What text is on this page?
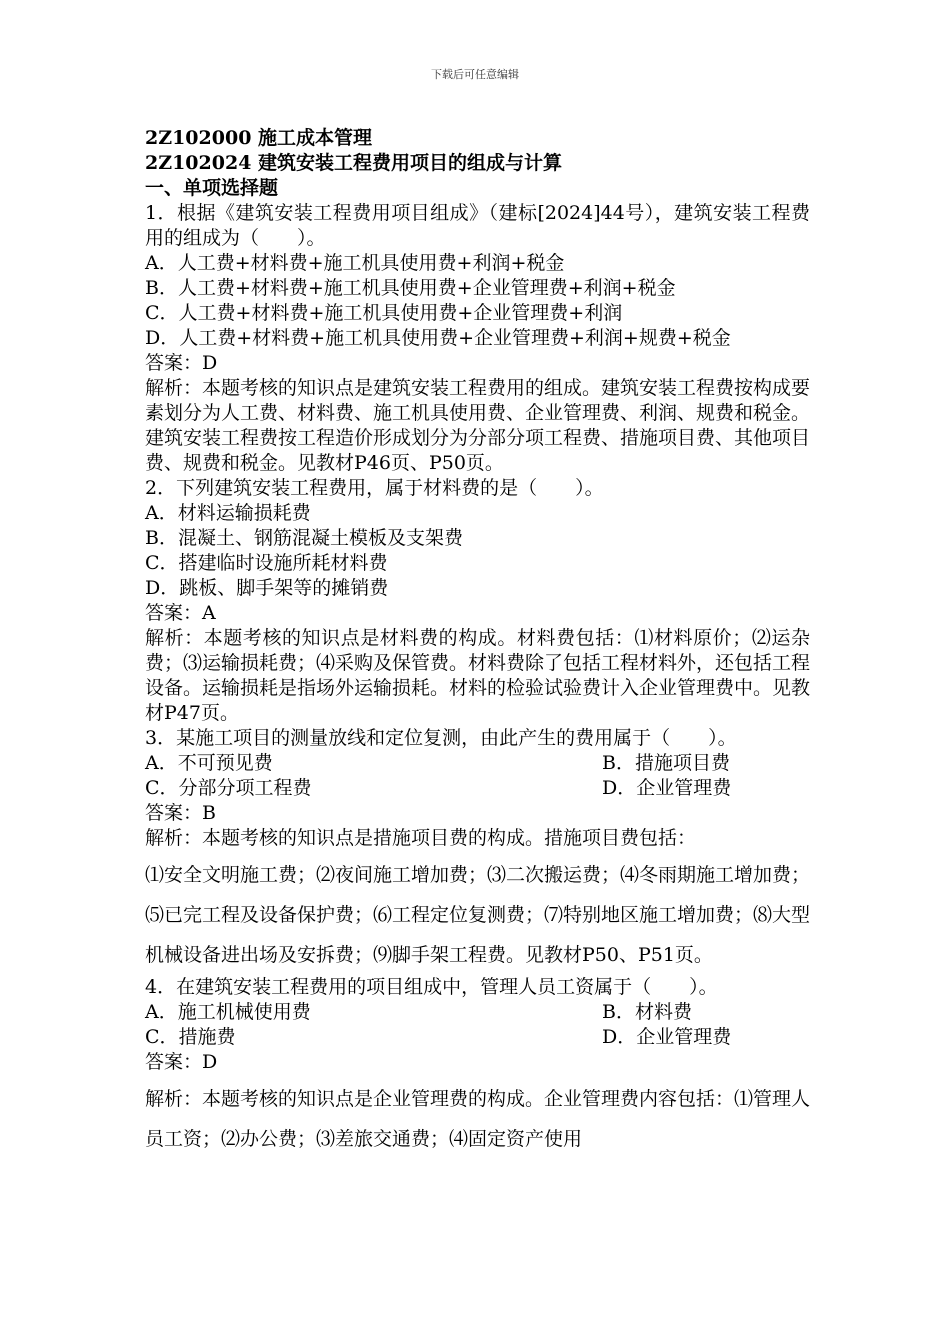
下载后可任意编辑
2Z102000 施工成本管理
2Z102024 建筑安装工程费用项目的组成与计算
一、单项选择题
1．根据《建筑安装工程费用项目组成》（建标[2024]44号），建筑安装工程费用的组成为（　　）。
A．人工费+材料费+施工机具使用费+利润+税金
B．人工费+材料费+施工机具使用费+企业管理费+利润+税金
C．人工费+材料费+施工机具使用费+企业管理费+利润
D．人工费+材料费+施工机具使用费+企业管理费+利润+规费+税金
答案：D
解析：本题考核的知识点是建筑安装工程费用的组成。建筑安装工程费按构成要素划分为人工费、材料费、施工机具使用费、企业管理费、利润、规费和税金。建筑安装工程费按工程造价形成划分为分部分项工程费、措施项目费、其他项目费、规费和税金。见教材P46页、P50页。
2．下列建筑安装工程费用，属于材料费的是（　　）。
A．材料运输损耗费
B．混凝土、钢筋混凝土模板及支架费
C．搭建临时设施所耗材料费
D．跳板、脚手架等的摊销费
答案：A
解析：本题考核的知识点是材料费的构成。材料费包括：⑴材料原价；⑵运杂费；⑶运输损耗费；⑷采购及保管费。材料费除了包括工程材料外，还包括工程设备。运输损耗是指场外运输损耗。材料的检验试验费计入企业管理费中。见教材P47页。
3．某施工项目的测量放线和定位复测，由此产生的费用属于（　　）。
A．不可预见费	B．措施项目费
C．分部分项工程费	D．企业管理费
答案：B
解析：本题考核的知识点是措施项目费的构成。措施项目费包括：
⑴安全文明施工费；⑵夜间施工增加费；⑶二次搬运费；⑷冬雨期施工增加费；⑸已完工程及设备保护费；⑹工程定位复测费；⑺特别地区施工增加费；⑻大型机械设备进出场及安拆费；⑼脚手架工程费。见教材P50、P51页。
4．在建筑安装工程费用的项目组成中，管理人员工资属于（　　）。
A．施工机械使用费	B．材料费
C．措施费	D．企业管理费
答案：D
解析：本题考核的知识点是企业管理费的构成。企业管理费内容包括：⑴管理人员工资；⑵办公费；⑶差旅交通费；⑷固定资产使用
